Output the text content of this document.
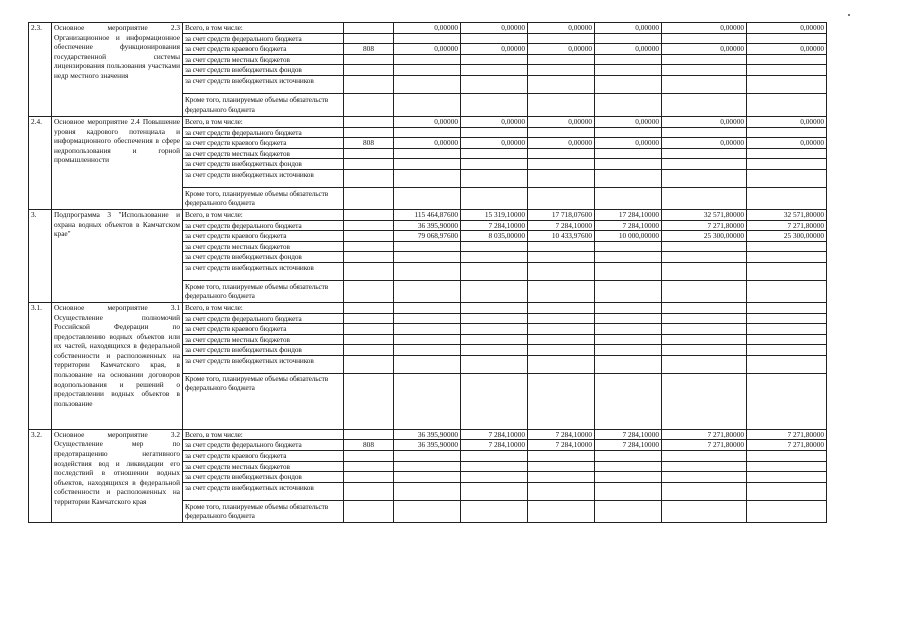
2.3.	Основное мероприятие 2.3 Организационное и информационное обеспечение функционирования государственной системы лицензирования пользования участками недр местного значения	Всего, в том числе:		0,00000	0,00000	0,00000	0,00000	0,00000	0,00000
		за счет средств федерального бюджета							
		за счет средств краевого бюджета	808	0,00000	0,00000	0,00000	0,00000	0,00000	0,00000
		за счет средств местных бюджетов							
		за счет средств внебюджетных фондов							
		за счет средств внебюджетных источников							
		Кроме того, планируемые объемы обязательств федерального бюджета							
2.4.	Основное мероприятие 2.4 Повышение уровня кадрового потенциала и информационного обеспечения в сфере недропользования и горной промышленности	Всего, в том числе:		0,00000	0,00000	0,00000	0,00000	0,00000	0,00000
		за счет средств федерального бюджета							
		за счет средств краевого бюджета	808	0,00000	0,00000	0,00000	0,00000	0,00000	0,00000
		за счет средств местных бюджетов							
		за счет средств внебюджетных фондов							
		за счет средств внебюджетных источников							
		Кроме того, планируемые объемы обязательств федерального бюджета							
3.	Подпрограмма 3 "Использование и охрана водных объектов в Камчатском крае"	Всего, в том числе:		115 464,87600	15 319,10000	17 718,07600	17 284,10000	32 571,80000	32 571,80000
		за счет средств федерального бюджета		36 395,90000	7 284,10000	7 284,10000	7 284,10000	7 271,80000	7 271,80000
		за счет средств краевого бюджета		79 068,97600	8 035,00000	10 433,97600	10 000,00000	25 300,00000	25 300,00000
		за счет средств местных бюджетов							
		за счет средств внебюджетных фондов							
		за счет средств внебюджетных источников							
		Кроме того, планируемые объемы обязательств федерального бюджета							
3.1.	Основное мероприятие 3.1 Осуществление полномочий Российской Федерации по предоставлению водных объектов или их частей, находящихся в федеральной собственности и расположенных на территории Камчатского края, в пользование на основании договоров водопользования и решений о предоставлении водных объектов в пользование	Всего, в том числе:							
		за счет средств федерального бюджета							
		за счет средств краевого бюджета							
		за счет средств местных бюджетов							
		за счет средств внебюджетных фондов							
		за счет средств внебюджетных источников							
		Кроме того, планируемые объемы обязательств федерального бюджета							
3.2.	Основное мероприятие 3.2 Осуществление мер по предотвращению негативного воздействия вод и ликвидации его последствий в отношении водных объектов, находящихся в федеральной собственности и расположенных на территории Камчатского края	Всего, в том числе:		36 395,90000	7 284,10000	7 284,10000	7 284,10000	7 271,80000	7 271,80000
		за счет средств федерального бюджета	808	36 395,90000	7 284,10000	7 284,10000	7 284,10000	7 271,80000	7 271,80000
		за счет средств краевого бюджета							
		за счет средств местных бюджетов							
		за счет средств внебюджетных фондов							
		за счет средств внебюджетных источников							
		Кроме того, планируемые объемы обязательств федерального бюджета							
